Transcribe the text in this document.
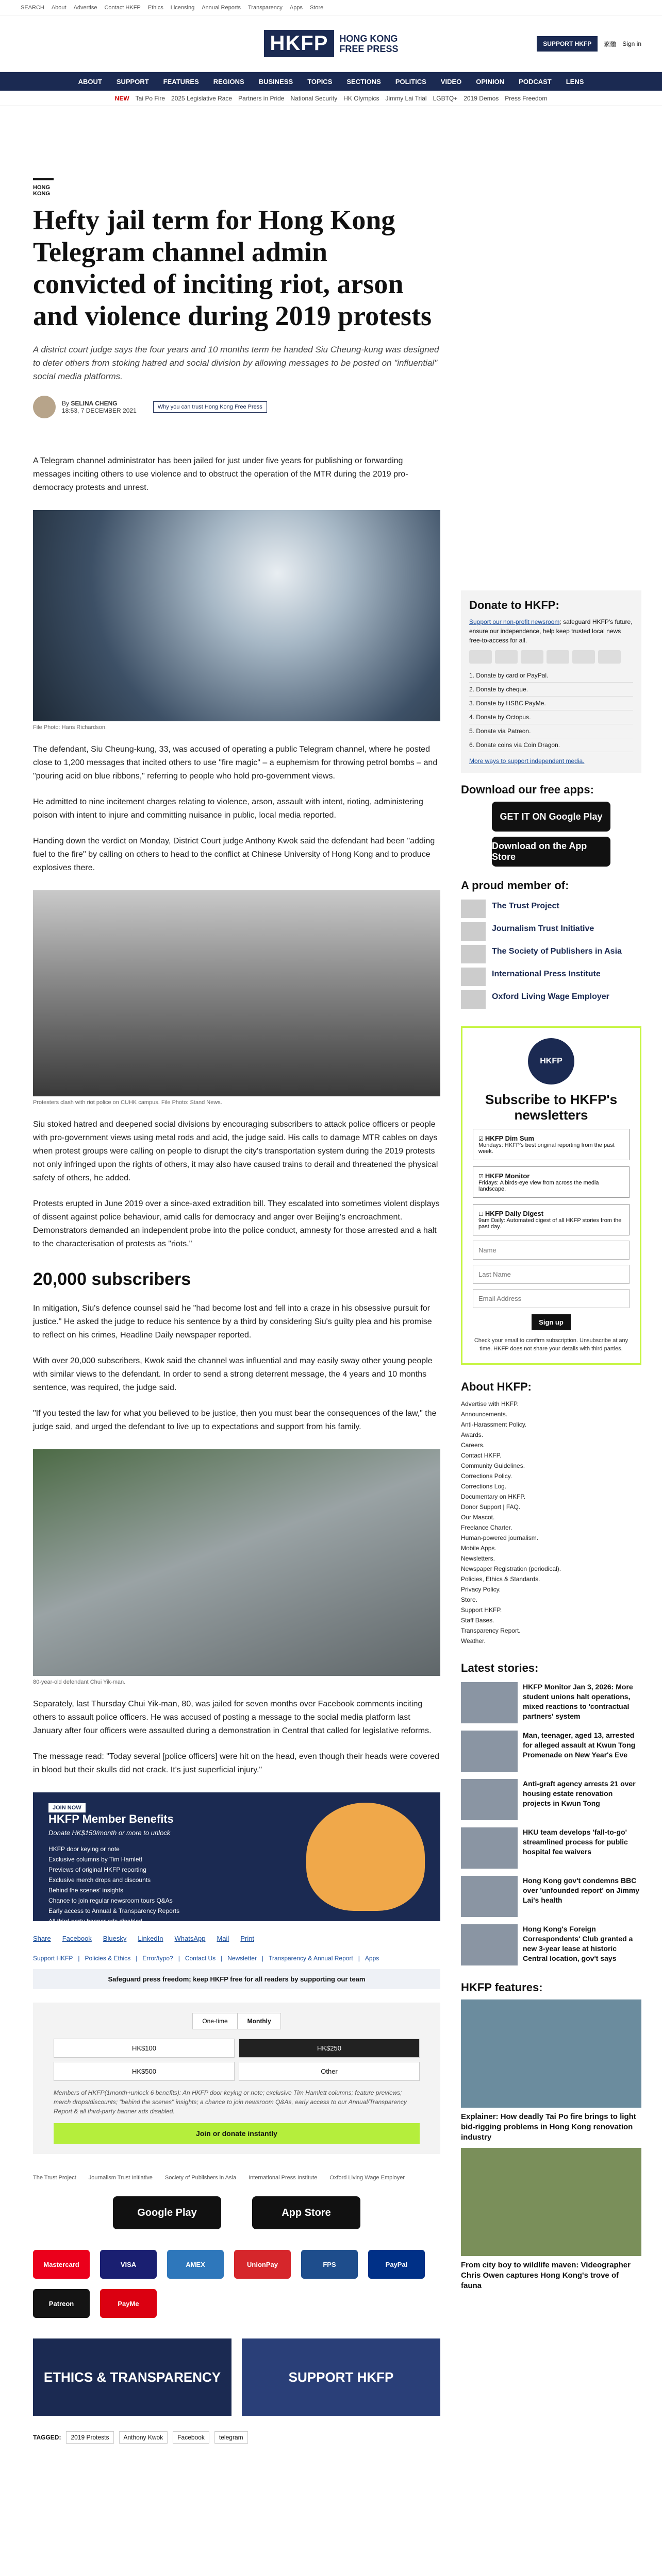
SEARCH About Advertise Contact HKFP Ethics Licensing Annual Reports Transparency Apps Store
HKFP	HONG KONG
FREE PRESS	SUPPORT HKFP	繁體 Sign in
ABOUT SUPPORT FEATURES REGIONS BUSINESS TOPICS SECTIONS POLITICS VIDEO OPINION PODCAST LENS
NEW Tai Po Fire 2025 Legislative Race Partners in Pride National Security HK Olympics Jimmy Lai Trial LGBTQ+ 2019 Demos Press Freedom
HONG KONG
Hefty jail term for Hong Kong Telegram channel admin convicted of inciting riot, arson and violence during 2019 protests
A district court judge says the four years and 10 months term he handed Siu Cheung-kung was designed to deter others from stoking hatred and social division by allowing messages to be posted on "influential" social media platforms.
By SELINA CHENG
18:53, 7 DECEMBER 2021	Why you can trust Hong Kong Free Press

A Telegram channel administrator has been jailed for just under five years for publishing or forwarding messages inciting others to use violence and to obstruct the operation of the MTR during the 2019 pro-democracy protests and unrest.

File Photo: Hans Richardson.

The defendant, Siu Cheung-kung, 33, was accused of operating a public Telegram channel, where he posted close to 1,200 messages that incited others to use "fire magic" – a euphemism for throwing petrol bombs – and "pouring acid on blue ribbons," referring to people who hold pro-government views.

He admitted to nine incitement charges relating to violence, arson, assault with intent, rioting, administering poison with intent to injure and committing nuisance in public, local media reported.

Handing down the verdict on Monday, District Court judge Anthony Kwok said the defendant had been "adding fuel to the fire" by calling on others to head to the conflict at Chinese University of Hong Kong and to produce explosives there.

Protesters clash with riot police on CUHK campus. File Photo: Stand News.

Siu stoked hatred and deepened social divisions by encouraging subscribers to attack police officers or people with pro-government views using metal rods and acid, the judge said. His calls to damage MTR cables on days when protest groups were calling on people to disrupt the city's transportation system during the 2019 protests not only infringed upon the rights of others, it may also have caused trains to derail and threatened the physical safety of others, he added.

Protests erupted in June 2019 over a since-axed extradition bill. They escalated into sometimes violent displays of dissent against police behaviour, amid calls for democracy and anger over Beijing's encroachment. Demonstrators demanded an independent probe into the police conduct, amnesty for those arrested and a halt to the characterisation of protests as "riots."

20,000 subscribers

In mitigation, Siu's defence counsel said he "had become lost and fell into a craze in his obsessive pursuit for justice." He asked the judge to reduce his sentence by a third by considering Siu's guilty plea and his promise to reflect on his crimes, Headline Daily newspaper reported.

With over 20,000 subscribers, Kwok said the channel was influential and may easily sway other young people with similar views to the defendant. In order to send a strong deterrent message, the 4 years and 10 months sentence, was required, the judge said.

"If you tested the law for what you believed to be justice, then you must bear the consequences of the law," the judge said, and urged the defendant to live up to expectations and support from his family.

80-year-old defendant Chui Yik-man.

Separately, last Thursday Chui Yik-man, 80, was jailed for seven months over Facebook comments inciting others to assault police officers. He was accused of posting a message to the social media platform last January after four officers were assaulted during a demonstration in Central that called for legislative reforms.

The message read: "Today several [police officers] were hit on the head, even though their heads were covered in blood but their skulls did not crack. It's just superficial injury."

JOIN NOW
HKFP Member Benefits
Donate HK$150/month or more to unlock
HKFP door keying or note
Exclusive columns by Tim Hamlett
Previews of original HKFP reporting
Exclusive merch drops and discounts
Behind the scenes' insights
Chance to join regular newsroom tours Q&As
Early access to Annual & Transparency Reports
All third-party banner ads disabled
Share Facebook Bluesky LinkedIn WhatsApp Mail Print
Support HKFP | Policies & Ethics | Error/typo? | Contact Us | Newsletter | Transparency & Annual Report | Apps
Safeguard press freedom; keep HKFP free for all readers by supporting our team
One-time	Monthly
HK$100	HK$250
HK$500	Other
Members of HKFP(1month+unlock 6 benefits): An HKFP door keying or note; exclusive Tim Hamlett columns; feature previews; merch drops/discounts; "behind the scenes" insights; a chance to join newsroom Q&As, early access to our Annual/Transparency Report & all third-party banner ads disabled.
Join or donate instantly
The Trust Project Journalism Trust Initiative Society of Publishers in Asia International Press Institute Oxford Living Wage Employer
Google Play	App Store
Mastercard	VISA	AMEX	UnionPay	FPS	PayPal
Patreon	PayMe
ETHICS & TRANSPARENCY	SUPPORT HKFP
TAGGED:	2019 Protests	Anthony Kwok	Facebook	telegram
Donate to HKFP:
Support our non-profit newsroom; safeguard HKFP's future, ensure our independence, help keep trusted local news free-to-access for all.
1. Donate by card or PayPal.
2. Donate by cheque.
3. Donate by HSBC PayMe.
4. Donate by Octopus.
5. Donate via Patreon.
6. Donate coins via Coin Dragon.
More ways to support independent media.
Download our free apps:
GET IT ON Google Play
Download on the App Store
A proud member of:
The Trust Project
Journalism Trust Initiative
The Society of Publishers in Asia
International Press Institute
Oxford Living Wage Employer
HKFP
Subscribe to HKFP's newsletters
☑ HKFP Dim Sum
Mondays: HKFP's best original reporting from the past week.
☑ HKFP Monitor
Fridays: A birds-eye view from across the media landscape.
☐ HKFP Daily Digest
9am Daily: Automated digest of all HKFP stories from the past day.
Name Last Name Email Address
Sign up
Check your email to confirm subscription. Unsubscribe at any time. HKFP does not share your details with third parties.
About HKFP:
Advertise with HKFP.
Announcements.
Anti-Harassment Policy.
Awards.
Careers.
Contact HKFP.
Community Guidelines.
Corrections Policy.
Corrections Log.
Documentary on HKFP.
Donor Support | FAQ.
Our Mascot.
Freelance Charter.
Human-powered journalism.
Mobile Apps.
Newsletters.
Newspaper Registration (periodical).
Policies, Ethics & Standards.
Privacy Policy.
Store.
Support HKFP.
Staff Bases.
Transparency Report.
Weather.
Latest stories:
HKFP Monitor Jan 3, 2026: More student unions halt operations, mixed reactions to 'contractual partners' system
Man, teenager, aged 13, arrested for alleged assault at Kwun Tong Promenade on New Year's Eve
Anti-graft agency arrests 21 over housing estate renovation projects in Kwun Tong
HKU team develops 'fall-to-go' streamlined process for public hospital fee waivers
Hong Kong gov't condemns BBC over 'unfounded report' on Jimmy Lai's health
Hong Kong's Foreign Correspondents' Club granted a new 3-year lease at historic Central location, gov't says
HKFP features:
Explainer: How deadly Tai Po fire brings to light bid-rigging problems in Hong Kong renovation industry
From city boy to wildlife maven: Videographer Chris Owen captures Hong Kong's trove of fauna
